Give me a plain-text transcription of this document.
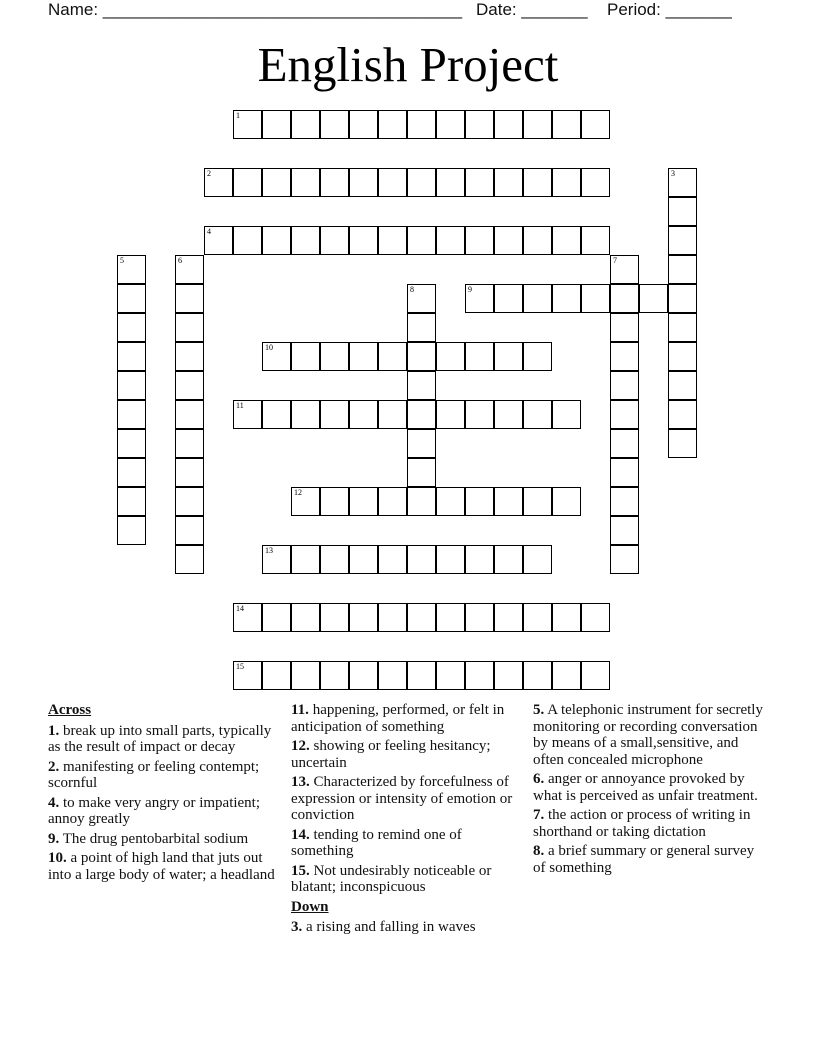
Name: ______________________________________ Date: _______ Period: _______
English Project
1
2	3
4
5	6	7
8	9
10
11
12
13
14
15
Across
1. break up into small parts, typically as the result of impact or decay
2. manifesting or feeling contempt; scornful
4. to make very angry or impatient; annoy greatly
9. The drug pentobarbital sodium
10. a point of high land that juts out into a large body of water; a headland
11. happening, performed, or felt in anticipation of something
12. showing or feeling hesitancy; uncertain
13. Characterized by forcefulness of expression or intensity of emotion or conviction
14. tending to remind one of something
15. Not undesirably noticeable or blatant; inconspicuous
Down
3. a rising and falling in waves
5. A telephonic instrument for secretly monitoring or recording conversation by means of a small,sensitive, and often concealed microphone
6. anger or annoyance provoked by what is perceived as unfair treatment.
7. the action or process of writing in shorthand or taking dictation
8. a brief summary or general survey of something
